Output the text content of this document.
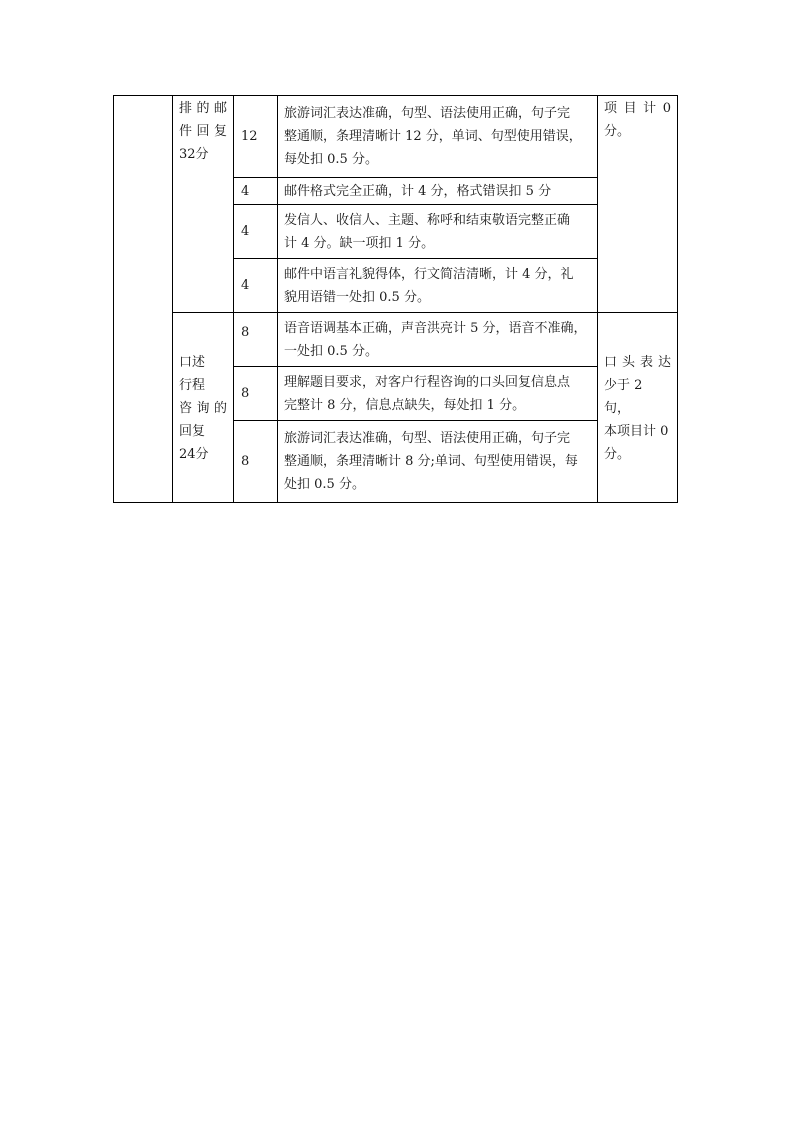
	排的邮
件回复
32分	12	旅游词汇表达准确，句型、语法使用正确，句子完
整通顺，条理清晰计 12 分，单词、句型使用错误，
每处扣 0.5 分。	项目计0
分。

		4	邮件格式完全正确，计 4 分，格式错误扣 5 分	

		4	发信人、收信人、主题、称呼和结束敬语完整正确
计 4 分。缺一项扣 1 分。	

		4	邮件中语言礼貌得体，行文简洁清晰，计 4 分，礼
貌用语错一处扣 0.5 分。	

	口述
行程
咨询的
回复
24分	8	语音语调基本正确，声音洪亮计 5 分，语音不准确，
一处扣 0.5 分。	口头表达
少于 2 句，
本项目计 0
分。

		8	理解题目要求，对客户行程咨询的口头回复信息点
完整计 8 分，信息点缺失，每处扣 1 分。	

		8	旅游词汇表达准确，句型、语法使用正确，句子完
整通顺，条理清晰计 8 分;单词、句型使用错误，每
处扣 0.5 分。	
